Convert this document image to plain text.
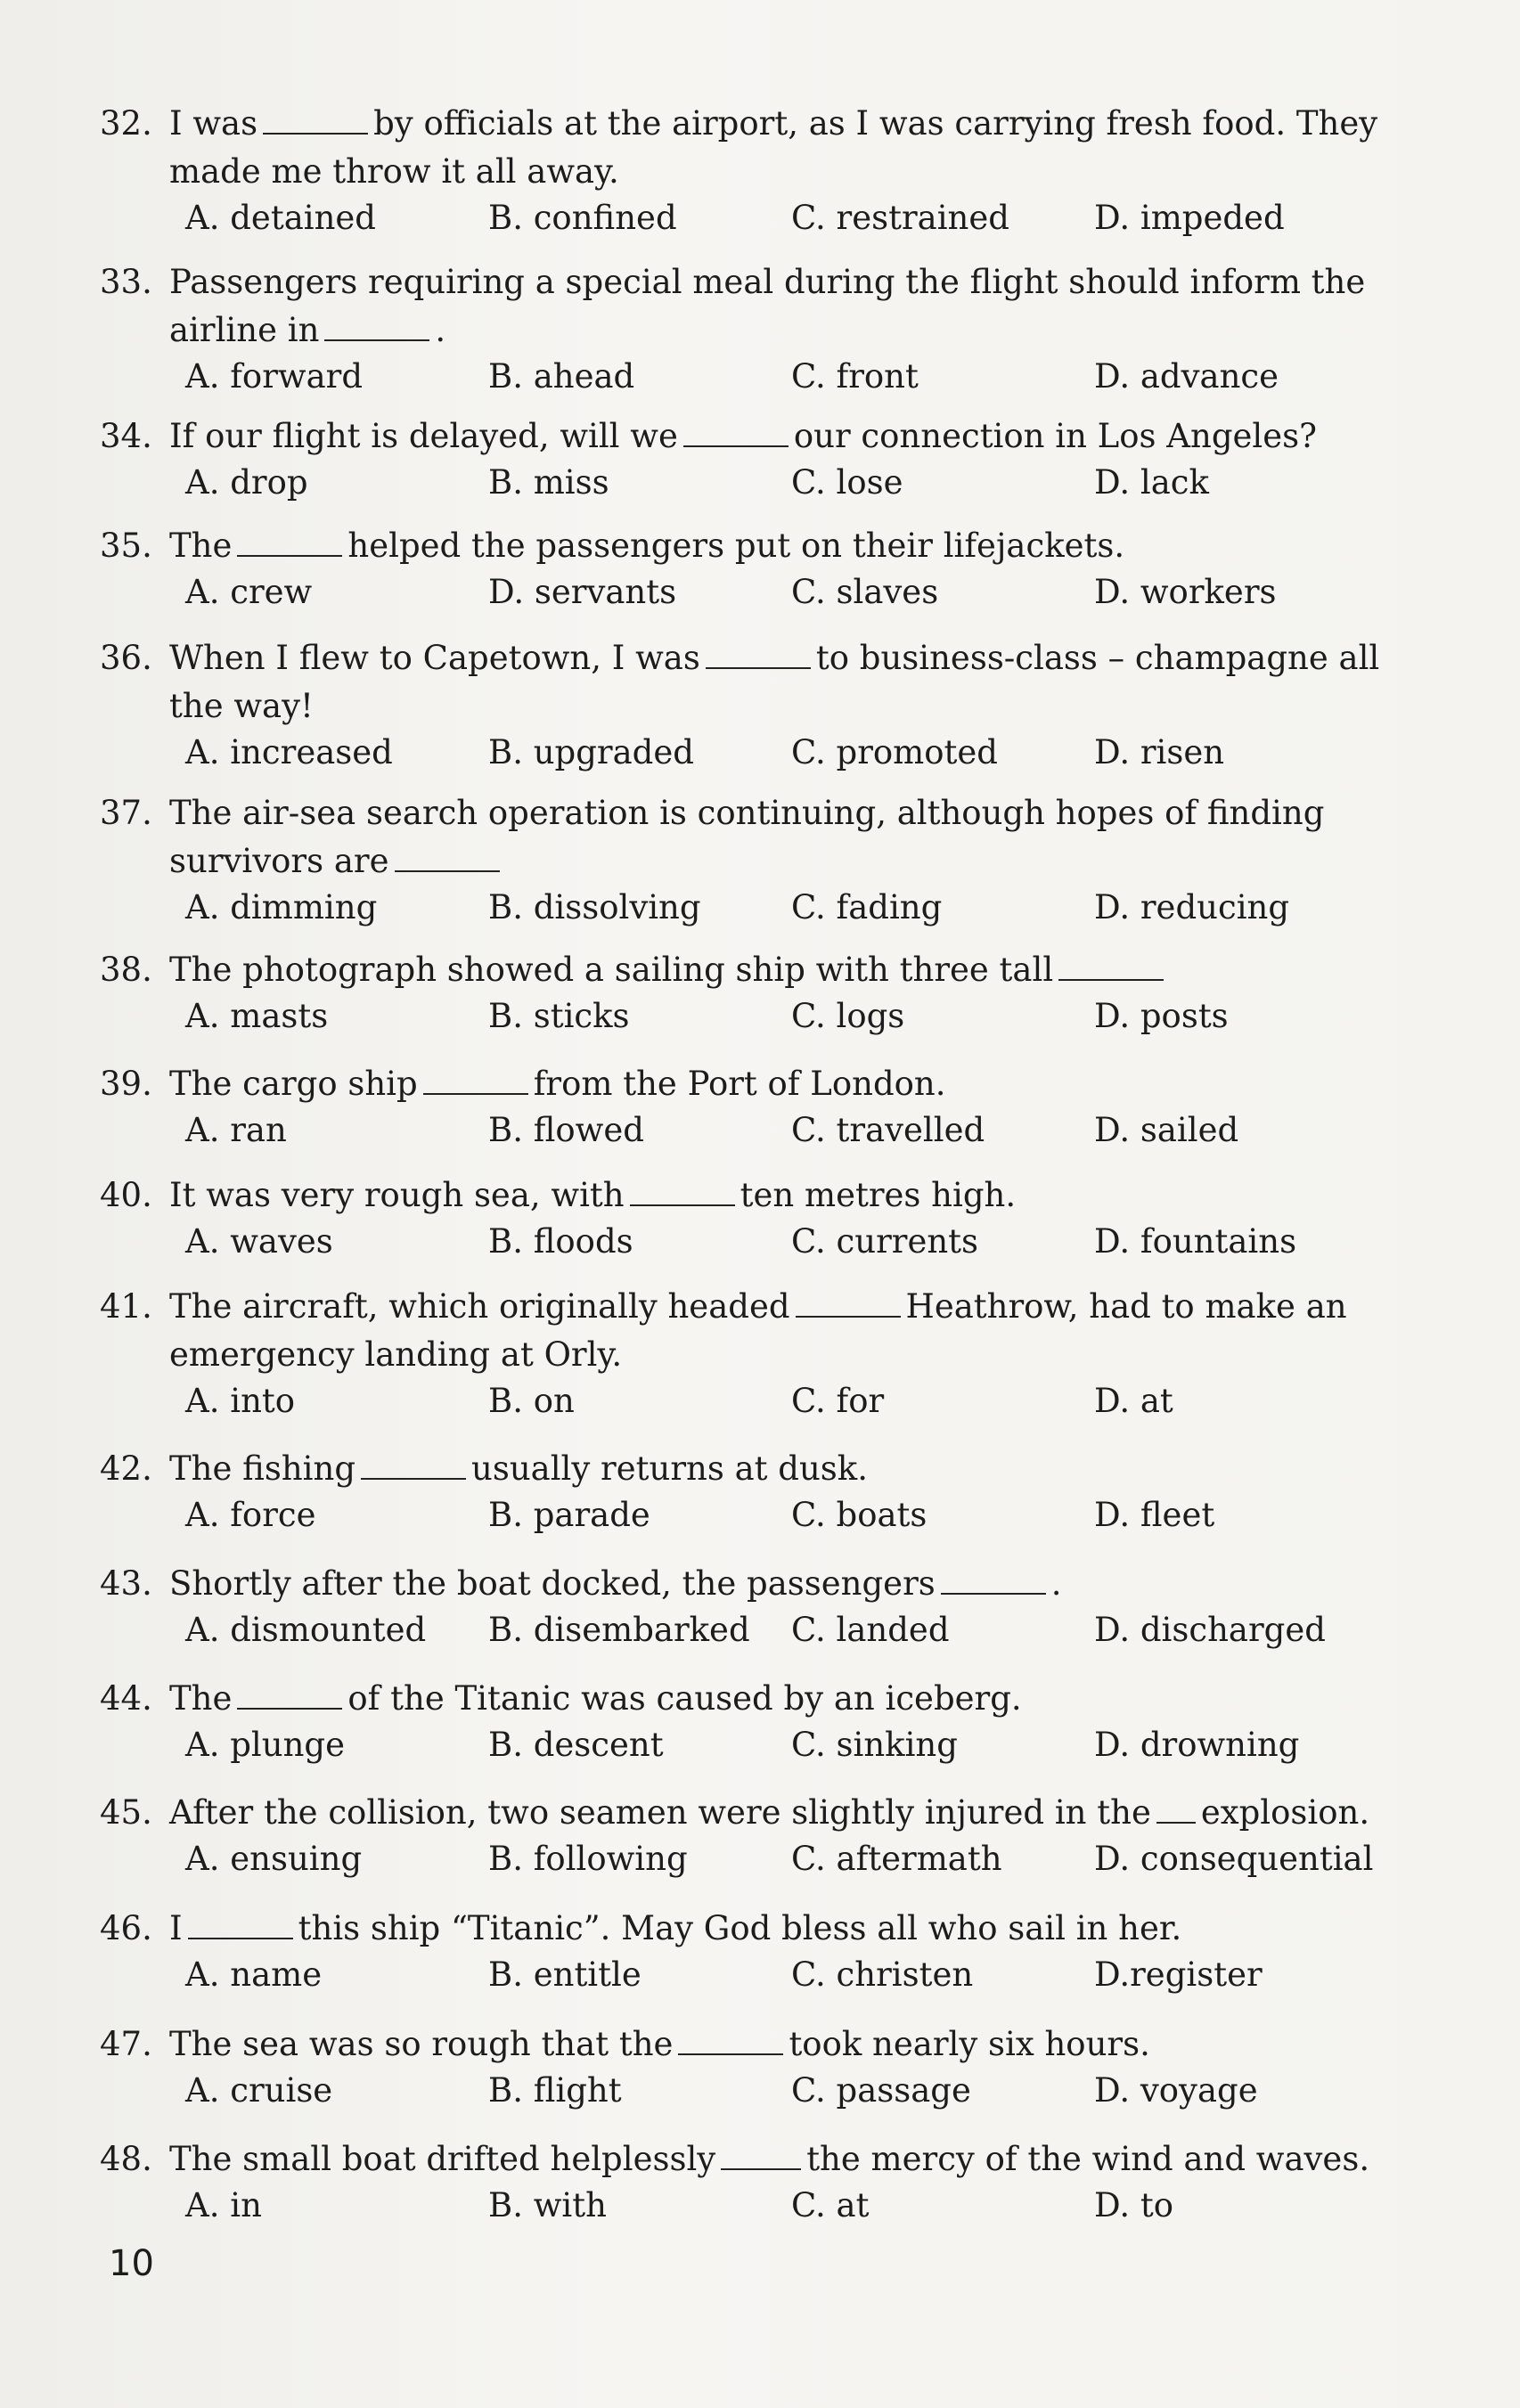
32. I was	by officials at the airport, as I was carrying fresh food. They made me throw it all away.
A. detained	B. confined	C. restrained	D. impeded
33. Passengers requiring a special meal during the flight should inform the airline in	.
A. forward	B. ahead	C. front	D. advance
34. If our flight is delayed, will we	our connection in Los Angeles?
A. drop	B. miss	C. lose	D. lack
35. The	helped the passengers put on their lifejackets.
A. crew	D. servants	C. slaves	D. workers
36. When I flew to Capetown, I was	to business-class – champagne all the way!
A. increased	B. upgraded	C. promoted	D. risen
37. The air-sea search operation is continuing, although hopes of finding survivors are
A. dimming	B. dissolving	C. fading	D. reducing
38. The photograph showed a sailing ship with three tall
A. masts	B. sticks	C. logs	D. posts
39. The cargo ship	from the Port of London.
A. ran	B. flowed	C. travelled	D. sailed
40. It was very rough sea, with	ten metres high.
A. waves	B. floods	C. currents	D. fountains
41. The aircraft, which originally headed	Heathrow, had to make an emergency landing at Orly.
A. into	B. on	C. for	D. at
42. The fishing	usually returns at dusk.
A. force	B. parade	C. boats	D. fleet
43. Shortly after the boat docked, the passengers	.
A. dismounted	B. disembarked	C. landed	D. discharged
44. The	of the Titanic was caused by an iceberg.
A. plunge	B. descent	C. sinking	D. drowning
45. After the collision, two seamen were slightly injured in the explosion.
A. ensuing	B. following	C. aftermath	D. consequential
46. I	this ship “Titanic”. May God bless all who sail in her.
A. name	B. entitle	C. christen	D.register
47. The sea was so rough that the	took nearly six hours.
A. cruise	B. flight	C. passage	D. voyage
48. The small boat drifted helplessly	the mercy of the wind and waves.
A. in	B. with	C. at	D. to
10
